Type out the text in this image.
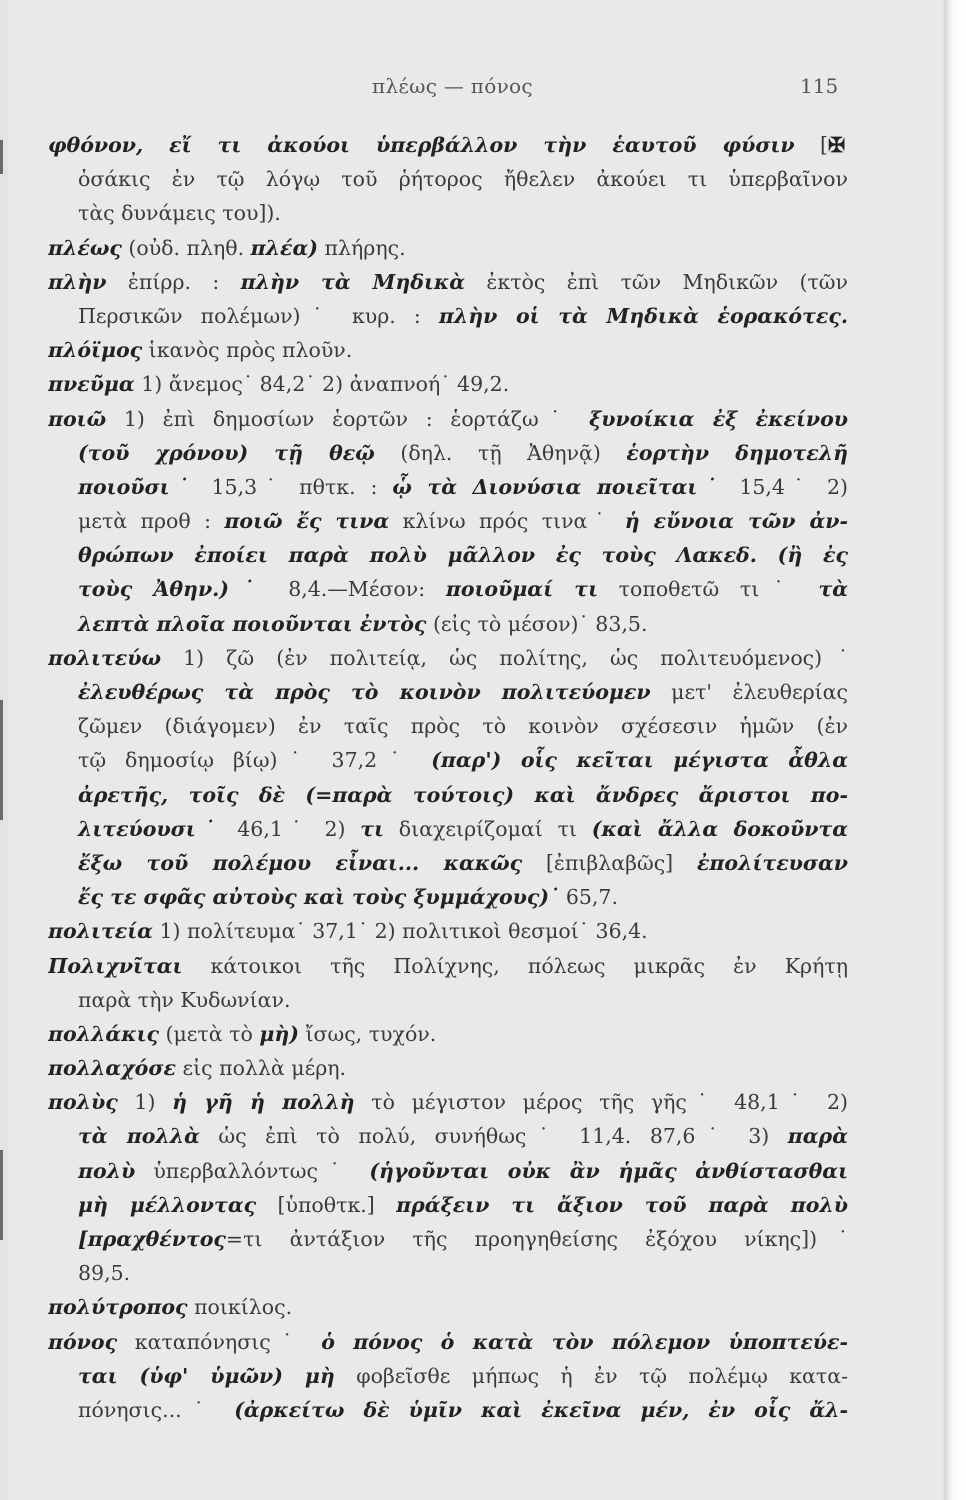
πλέως — πόνος	115
φθόνον, εἴ τι ἀκούοι ὑπερβάλλον τὴν ἑαυτοῦ φύσιν [✠
ὁσάκις ἐν τῷ λόγῳ τοῦ ῥήτορος ἤθελεν ἀκούει τι ὑπερβαῖνον
τὰς δυνάμεις του]).
πλέως (οὐδ. πληθ. πλέα) πλήρης.
πλὴν ἐπίρρ. : πλὴν τὰ Μηδικὰ ἐκτὸς ἐπὶ τῶν Μηδικῶν (τῶν
Περσικῶν πολέμων)˙ κυρ. : πλὴν οἱ τὰ Μηδικὰ ἑορακότες.
πλόϊμος ἱκανὸς πρὸς πλοῦν.
πνεῦμα 1) ἄνεμος˙ 84,2˙ 2) ἀναπνοή˙ 49,2.
ποιῶ 1) ἐπὶ δημοσίων ἑορτῶν : ἑορτάζω˙ ξυνοίκια ἐξ ἐκείνου
(τοῦ χρόνου) τῇ θεῷ (δηλ. τῇ Ἀθηνᾷ) ἑορτὴν δημοτελῆ
ποιοῦσι˙ 15,3˙ πθτκ. : ᾧ τὰ Διονύσια ποιεῖται˙ 15,4˙ 2)
μετὰ προθ : ποιῶ ἔς τινα κλίνω πρός τινα˙ ἡ εὔνοια τῶν ἀν-
θρώπων ἐποίει παρὰ πολὺ μᾶλλον ἐς τοὺς Λακεδ. (ἢ ἐς
τοὺς Ἀθην.)˙ 8,4.—Μέσον: ποιοῦμαί τι τοποθετῶ τι˙ τὰ
λεπτὰ πλοῖα ποιοῦνται ἐντὸς (εἰς τὸ μέσον)˙ 83,5.
πολιτεύω 1) ζῶ (ἐν πολιτείᾳ, ὡς πολίτης, ὡς πολιτευόμενος)˙
ἐλευθέρως τὰ πρὸς τὸ κοινὸν πολιτεύομεν μετ' ἐλευθερίας
ζῶμεν (διάγομεν) ἐν ταῖς πρὸς τὸ κοινὸν σχέσεσιν ἡμῶν (ἐν
τῷ δημοσίῳ βίῳ)˙ 37,2˙ (παρ') οἷς κεῖται μέγιστα ἆθλα
ἀρετῆς, τοῖς δὲ (=παρὰ τούτοις) καὶ ἄνδρες ἄριστοι πο-
λιτεύουσι˙ 46,1˙ 2) τι διαχειρίζομαί τι (καὶ ἄλλα δοκοῦντα
ἔξω τοῦ πολέμου εἶναι... κακῶς [ἐπιβλαβῶς] ἐπολίτευσαν
ἔς τε σφᾶς αὐτοὺς καὶ τοὺς ξυμμάχους)˙ 65,7.
πολιτεία 1) πολίτευμα˙ 37,1˙ 2) πολιτικοὶ θεσμοί˙ 36,4.
Πολιχνῖται κάτοικοι τῆς Πολίχνης, πόλεως μικρᾶς ἐν Κρήτῃ
παρὰ τὴν Κυδωνίαν.
πολλάκις (μετὰ τὸ μὴ) ἴσως, τυχόν.
πολλαχόσε εἰς πολλὰ μέρη.
πολὺς 1) ἡ γῆ ἡ πολλὴ τὸ μέγιστον μέρος τῆς γῆς˙ 48,1˙ 2)
τὰ πολλὰ ὡς ἐπὶ τὸ πολύ, συνήθως˙ 11,4. 87,6˙ 3) παρὰ
πολὺ ὑπερβαλλόντως˙ (ἡγοῦνται οὐκ ἂν ἡμᾶς ἀνθίστασθαι
μὴ μέλλοντας [ὑποθτκ.] πράξειν τι ἄξιον τοῦ παρὰ πολὺ
[πραχθέντος=τι ἀντάξιον τῆς προηγηθείσης ἐξόχου νίκης])˙
89,5.
πολύτροπος ποικίλος.
πόνος καταπόνησις˙ ὁ πόνος ὁ κατὰ τὸν πόλεμον ὑποπτεύε-
ται (ὑφ' ὑμῶν) μὴ φοβεῖσθε μήπως ἡ ἐν τῷ πολέμῳ κατα-
πόνησις...˙ (ἀρκείτω δὲ ὑμῖν καὶ ἐκεῖνα μέν, ἐν οἷς ἄλ-
